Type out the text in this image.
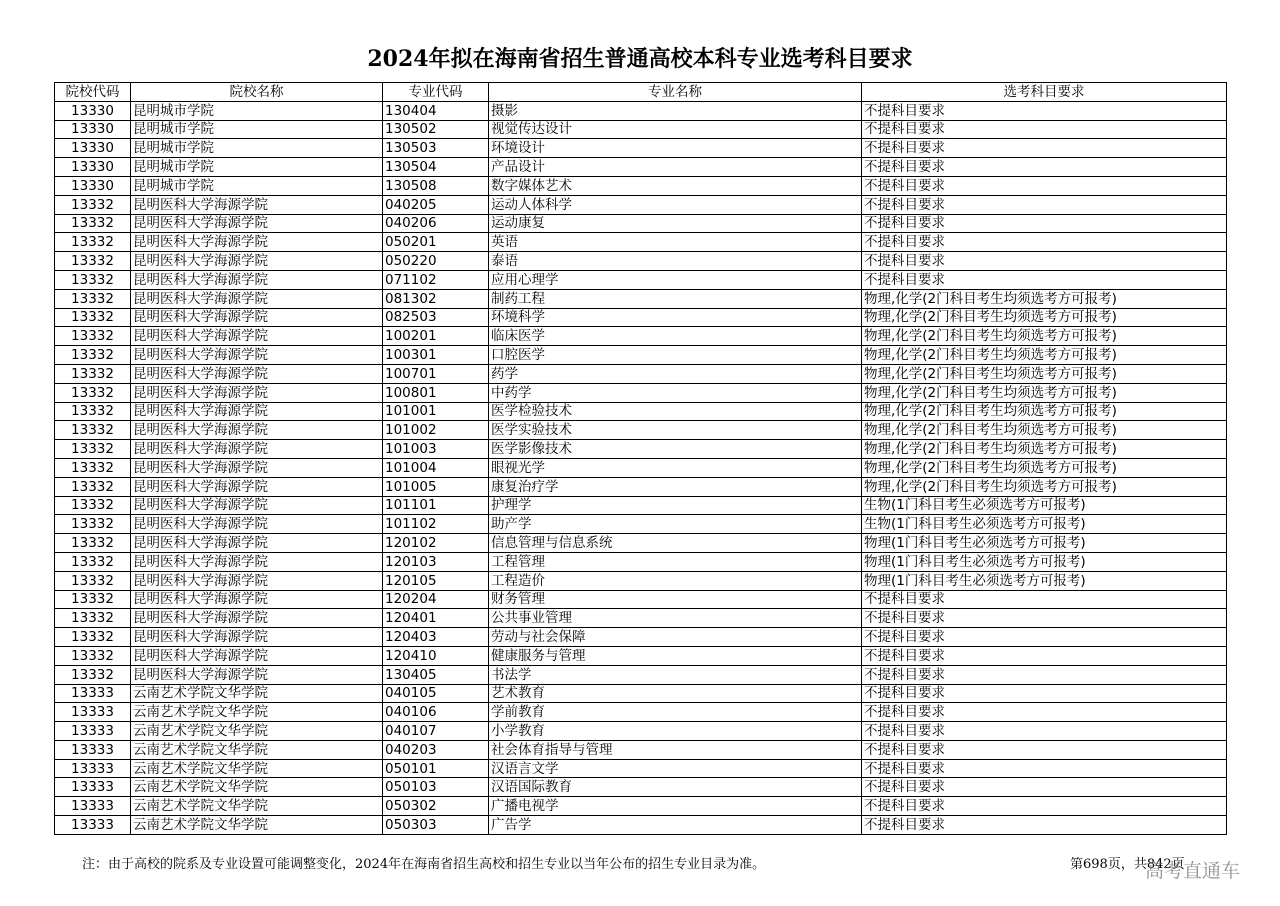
2024年拟在海南省招生普通高校本科专业选考科目要求
院校代码	院校名称	专业代码	专业名称	选考科目要求
13330	昆明城市学院	130404	摄影	不提科目要求
13330	昆明城市学院	130502	视觉传达设计	不提科目要求
13330	昆明城市学院	130503	环境设计	不提科目要求
13330	昆明城市学院	130504	产品设计	不提科目要求
13330	昆明城市学院	130508	数字媒体艺术	不提科目要求
13332	昆明医科大学海源学院	040205	运动人体科学	不提科目要求
13332	昆明医科大学海源学院	040206	运动康复	不提科目要求
13332	昆明医科大学海源学院	050201	英语	不提科目要求
13332	昆明医科大学海源学院	050220	泰语	不提科目要求
13332	昆明医科大学海源学院	071102	应用心理学	不提科目要求
13332	昆明医科大学海源学院	081302	制药工程	物理,化学(2门科目考生均须选考方可报考)
13332	昆明医科大学海源学院	082503	环境科学	物理,化学(2门科目考生均须选考方可报考)
13332	昆明医科大学海源学院	100201	临床医学	物理,化学(2门科目考生均须选考方可报考)
13332	昆明医科大学海源学院	100301	口腔医学	物理,化学(2门科目考生均须选考方可报考)
13332	昆明医科大学海源学院	100701	药学	物理,化学(2门科目考生均须选考方可报考)
13332	昆明医科大学海源学院	100801	中药学	物理,化学(2门科目考生均须选考方可报考)
13332	昆明医科大学海源学院	101001	医学检验技术	物理,化学(2门科目考生均须选考方可报考)
13332	昆明医科大学海源学院	101002	医学实验技术	物理,化学(2门科目考生均须选考方可报考)
13332	昆明医科大学海源学院	101003	医学影像技术	物理,化学(2门科目考生均须选考方可报考)
13332	昆明医科大学海源学院	101004	眼视光学	物理,化学(2门科目考生均须选考方可报考)
13332	昆明医科大学海源学院	101005	康复治疗学	物理,化学(2门科目考生均须选考方可报考)
13332	昆明医科大学海源学院	101101	护理学	生物(1门科目考生必须选考方可报考)
13332	昆明医科大学海源学院	101102	助产学	生物(1门科目考生必须选考方可报考)
13332	昆明医科大学海源学院	120102	信息管理与信息系统	物理(1门科目考生必须选考方可报考)
13332	昆明医科大学海源学院	120103	工程管理	物理(1门科目考生必须选考方可报考)
13332	昆明医科大学海源学院	120105	工程造价	物理(1门科目考生必须选考方可报考)
13332	昆明医科大学海源学院	120204	财务管理	不提科目要求
13332	昆明医科大学海源学院	120401	公共事业管理	不提科目要求
13332	昆明医科大学海源学院	120403	劳动与社会保障	不提科目要求
13332	昆明医科大学海源学院	120410	健康服务与管理	不提科目要求
13332	昆明医科大学海源学院	130405	书法学	不提科目要求
13333	云南艺术学院文华学院	040105	艺术教育	不提科目要求
13333	云南艺术学院文华学院	040106	学前教育	不提科目要求
13333	云南艺术学院文华学院	040107	小学教育	不提科目要求
13333	云南艺术学院文华学院	040203	社会体育指导与管理	不提科目要求
13333	云南艺术学院文华学院	050101	汉语言文学	不提科目要求
13333	云南艺术学院文华学院	050103	汉语国际教育	不提科目要求
13333	云南艺术学院文华学院	050302	广播电视学	不提科目要求
13333	云南艺术学院文华学院	050303	广告学	不提科目要求
注：由于高校的院系及专业设置可能调整变化，2024年在海南省招生高校和招生专业以当年公布的招生专业目录为准。	第698页，共842页
高考直通车
